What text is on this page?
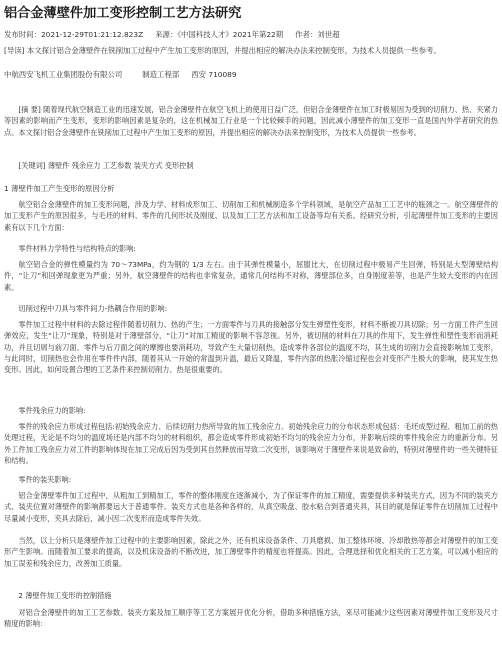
铝合金薄壁件加工变形控制工艺方法研究
发布时间：2021-12-29T01:21:12.823Z 来源：《中国科技人才》2021年第22期 作者：刘世超
[导读] 本文探讨铝合金薄壁件在铣削加工过程中产生加工变形的原因，并提出相应的解决办法来控制变形，为技术人员提供一些参考。
中航西安飞机工业集团股份有限公司	制造工程部 西安 710089

[摘 要] 随着现代航空制造工业的迅速发展，铝合金薄壁件在航空飞机上的使用日益广泛，但铝合金薄壁件在加工时极易因为受到的切削力、热、夹紧力等因素的影响而产生变形，变形的影响因素是复杂的，这在机械加工行业是一个比较棘手的问题，因此减小薄壁件的加工变形一直是国内外学者研究的热点。本文探讨铝合金薄壁件在铣削加工过程中产生加工变形的原因，并提出相应的解决办法来控制变形，为技术人员提供一些参考。

[关键词] 薄壁件 残余应力 工艺参数 装夹方式 变形控制
1 薄壁件加工产生变形的原因分析

航空铝合金薄壁件的加工变形问题，涉及力学、材料成形加工、切削加工和机械制造多个学科领域，是航空产品加工工艺中的瓶颈之一。航空薄壁件的加工变形产生的原因很多，与毛坯的材料、零件的几何形状及刚度、以及加工工艺方法和加工设备等均有关系。经研究分析，引起薄壁件加工变形的主要因素有以下几个方面：

零件材料力学特性与结构特点的影响:

航空铝合金的弹性模量约为 70～73MPa，约为钢的 1/3 左右。由于其弹性模量小，屈服比大，在切削过程中极易产生回弹，特别是大型薄壁结构件，“让刀”和回弹现象更为严重；另外，航空薄壁件的结构也非常复杂，通常几何结构不对称，薄壁部位多，自身刚度差等，也是产生较大变形的内在因素。

切削过程中刀具与零件间力-热耦合作用的影响:

零件加工过程中材料的去除过程伴随着切削力、热的产生；一方面零件与刀具的接触部分发生弹塑性变形，材料不断被刀具切除；另一方面工件产生回弹效应，发生“让刀”现象，特别是对于薄壁部分，“让刀”对加工精度的影响不容忽视。另外，被切削的材料在刀具的作用下，发生弹性和塑性变形而消耗功，并且切屑与前刀面、零件与后刀面之间的摩擦也要消耗功，导致产生大量切削热，造成零件各部位的温度不均，其生成的切削力会直接影响加工变形，与此同时，切削热也会作用在零件件内部，随着其从一开始的常温到升温，最后又降温，零件内部的热胀冷缩过程也会对变形产生极大的影响，使其发生热变形。因此，如何设置合理的工艺条件来控制切削力、热是很重要的。

零件残余应力的影响:

零件的残余应力形成过程包括:初始残余应力、后续切削力热所导致的加工残余应力。初始残余应力的分布状态形成包括：毛坯成型过程、粗加工前的热处理过程，无论是不均匀的温度场还是内部不均匀的材料组织，都会造成零件形成初始不均匀的残余应力分布，并影响后续的零件残余应力的重新分布。另外工件加工残余应力对工件的影响体现在加工完成后因为受到其自然释放而导致二次变形，该影响对于薄壁件来说是致命的，特别对薄壁件的一些关键特征和结构。

零件的装夹影响:

铝合金薄壁零件加工过程中，从粗加工到精加工，零件的整体刚度在逐渐减小，为了保证零件的加工精度，需要提供多种装夹方式，因为不同的装夹方式、装夹位置对薄壁件的影响都要远大于普通零件。装夹方式也是各种各样的，从真空吸盘、胶水粘合到普通夹具，其目的就是保证零件在切削加工过程中尽量减小变形，夹具去除后，减小因二次变形而造成零件失效。

当然，以上分析只是薄壁件加工过程中的主要影响因素，除此之外，还有机床设备条件、刀具磨损、加工整体环境、冷却散热等都会对薄壁件的加工变形产生影响。而随着加工要求的提高，以及机床设备的不断改进，加工薄壁零件的精度也将提高。因此，合理选择和优化相关的工艺方案，可以减小相应的加工误差和残余应力，改善加工质量。

2 薄壁件加工变形的控制措施

对铝合金薄壁件的加工工艺参数、装夹方案及加工顺序等工艺方案展开优化分析，借助多种措施方法，来尽可能减少这些因素对薄壁件加工变形及尺寸精度的影响：
